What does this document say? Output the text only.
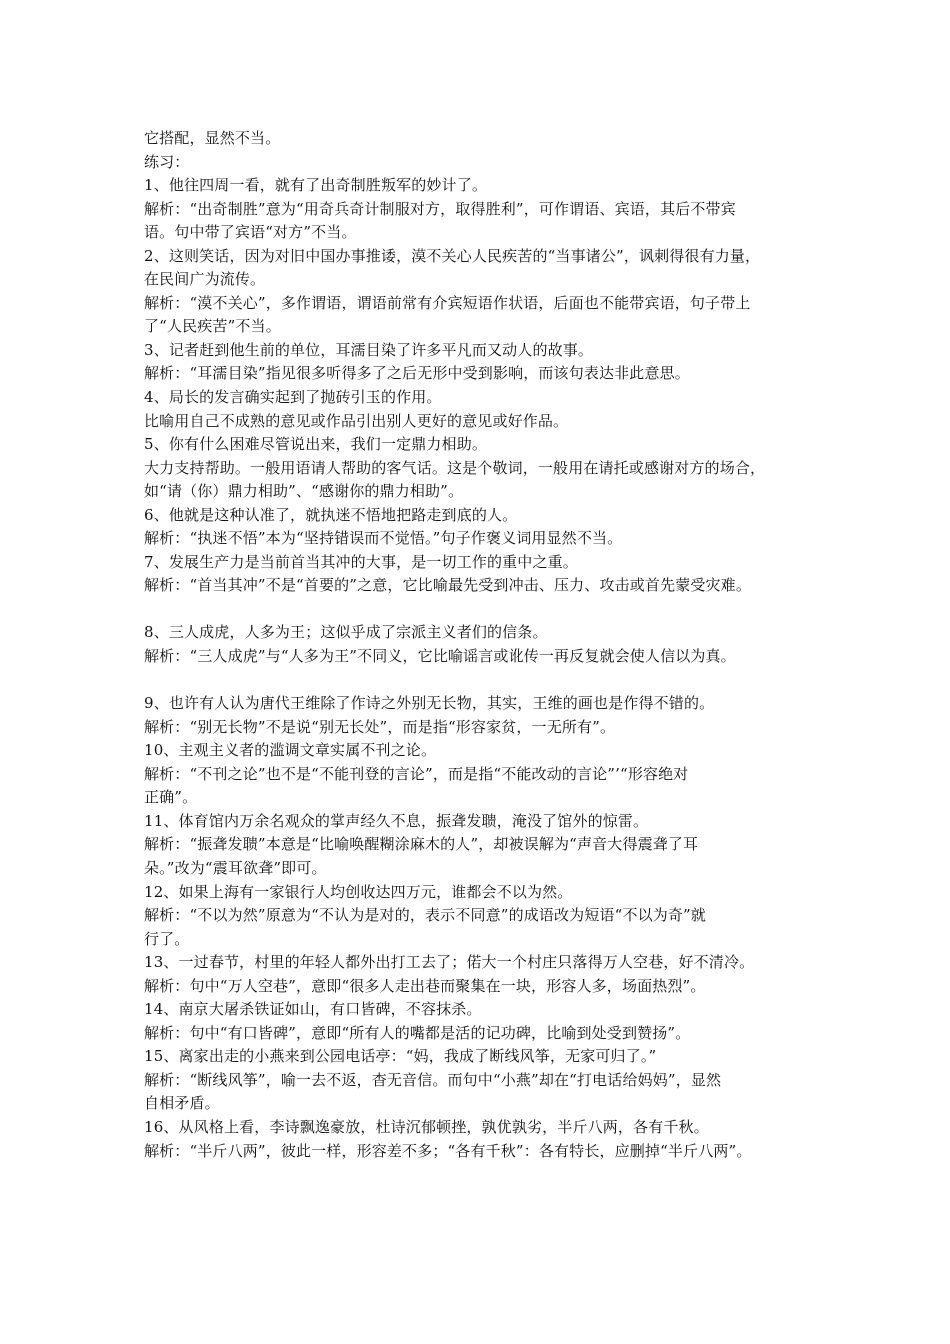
它搭配，显然不当。
练习：
1、他往四周一看，就有了出奇制胜叛军的妙计了。
解析：“出奇制胜”意为“用奇兵奇计制服对方，取得胜利”，可作谓语、宾语，其后不带宾
语。句中带了宾语“对方”不当。
2、这则笑话，因为对旧中国办事推诿，漠不关心人民疾苦的“当事诸公”，讽刺得很有力量，
在民间广为流传。
解析：“漠不关心”，多作谓语，谓语前常有介宾短语作状语，后面也不能带宾语，句子带上
了“人民疾苦”不当。
3、记者赶到他生前的单位，耳濡目染了许多平凡而又动人的故事。
解析：“耳濡目染”指见很多听得多了之后无形中受到影响，而该句表达非此意思。
4、局长的发言确实起到了抛砖引玉的作用。
比喻用自己不成熟的意见或作品引出别人更好的意见或好作品。
5、你有什么困难尽管说出来，我们一定鼎力相助。
大力支持帮助。一般用语请人帮助的客气话。这是个敬词，一般用在请托或感谢对方的场合，
如“请（你）鼎力相助”、“感谢你的鼎力相助”。
6、他就是这种认准了，就执迷不悟地把路走到底的人。
解析：“执迷不悟”本为“坚持错误而不觉悟。”句子作褒义词用显然不当。
7、发展生产力是当前首当其冲的大事，是一切工作的重中之重。
解析：“首当其冲”不是“首要的”之意，它比喻最先受到冲击、压力、攻击或首先蒙受灾难。
8、三人成虎，人多为王；这似乎成了宗派主义者们的信条。
解析：“三人成虎”与“人多为王”不同义，它比喻谣言或讹传一再反复就会使人信以为真。
9、也许有人认为唐代王维除了作诗之外别无长物，其实，王维的画也是作得不错的。
解析：“别无长物”不是说“别无长处”，而是指“形容家贫，一无所有”。
10、主观主义者的滥调文章实属不刊之论。
解析：“不刊之论”也不是“不能刊登的言论”，而是指“不能改动的言论”’“形容绝对
正确”。
11、体育馆内万余名观众的掌声经久不息，振聋发聩，淹没了馆外的惊雷。
解析：“振聋发聩”本意是“比喻唤醒糊涂麻木的人”，却被误解为“声音大得震聋了耳
朵。”改为“震耳欲聋”即可。
12、如果上海有一家银行人均创收达四万元，谁都会不以为然。
解析：“不以为然”原意为“不认为是对的，表示不同意”的成语改为短语“不以为奇”就
行了。
13、一过春节，村里的年轻人都外出打工去了；偌大一个村庄只落得万人空巷，好不清冷。
解析：句中“万人空巷”，意即“很多人走出巷而聚集在一块，形容人多，场面热烈”。
14、南京大屠杀铁证如山，有口皆碑，不容抹杀。
解析：句中“有口皆碑”，意即“所有人的嘴都是活的记功碑，比喻到处受到赞扬”。
15、离家出走的小燕来到公园电话亭：“妈，我成了断线风筝，无家可归了。”
解析：“断线风筝”，喻一去不返，杳无音信。而句中“小燕”却在“打电话给妈妈”，显然
自相矛盾。
16、从风格上看，李诗飘逸豪放，杜诗沉郁顿挫，孰优孰劣，半斤八两，各有千秋。
解析：“半斤八两”，彼此一样，形容差不多；“各有千秋”：各有特长，应删掉“半斤八两”。
